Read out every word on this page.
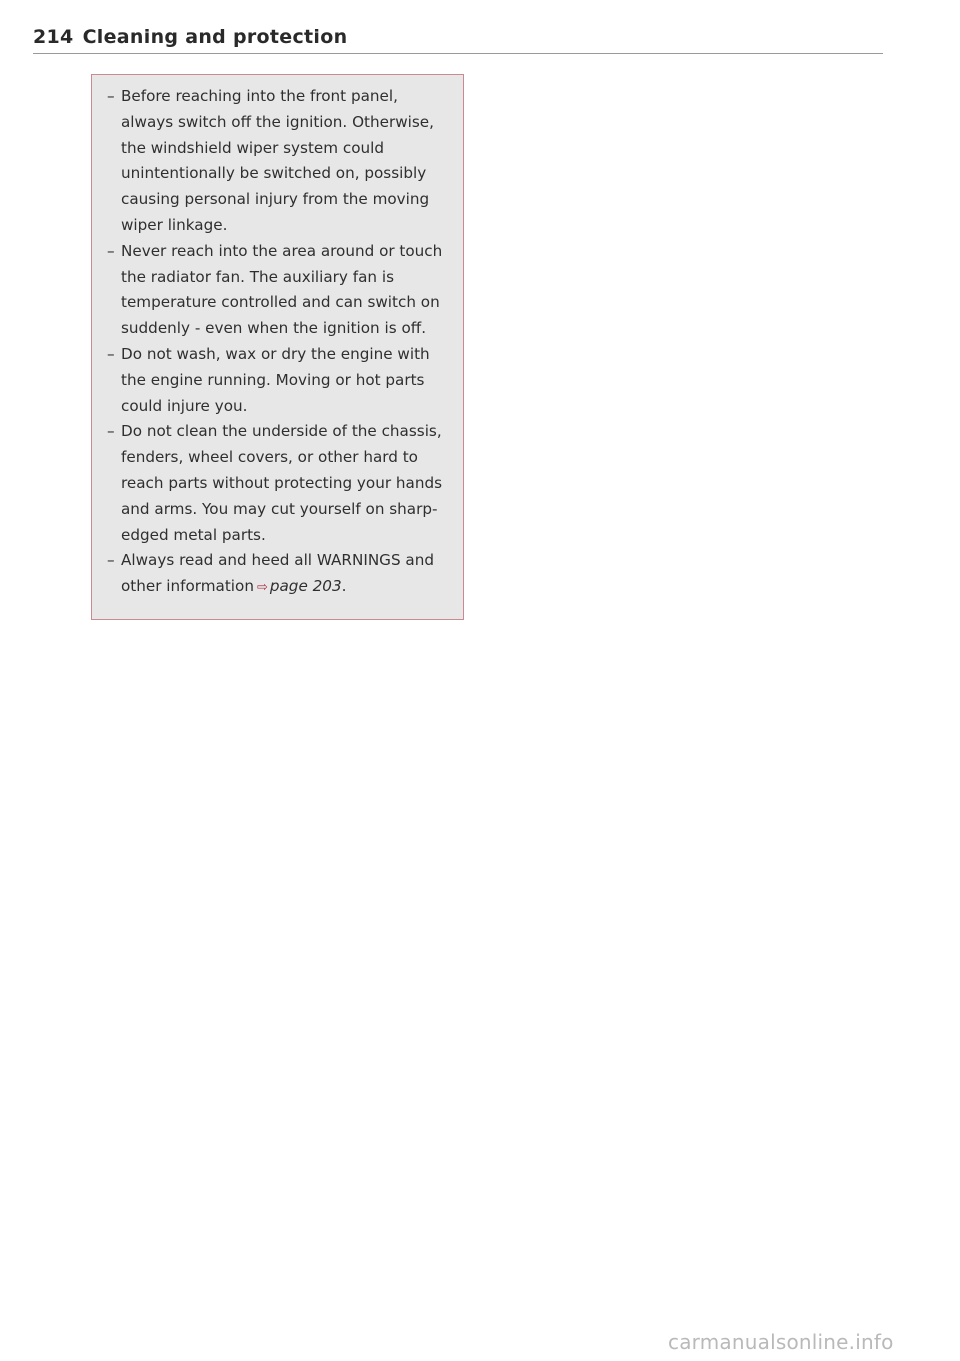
214 Cleaning and protection
– Before reaching into the front panel, always switch off the ignition. Otherwise, the windshield wiper system could unintentionally be switched on, possibly causing personal injury from the moving wiper linkage.
– Never reach into the area around or touch the radiator fan. The auxiliary fan is temperature controlled and can switch on suddenly - even when the ignition is off.
– Do not wash, wax or dry the engine with the engine running. Moving or hot parts could injure you.
– Do not clean the underside of the chassis, fenders, wheel covers, or other hard to reach parts without protecting your hands and arms. You may cut yourself on sharp-edged metal parts.
– Always read and heed all WARNINGS and other information ⇨ page 203.
carmanualsonline.info
